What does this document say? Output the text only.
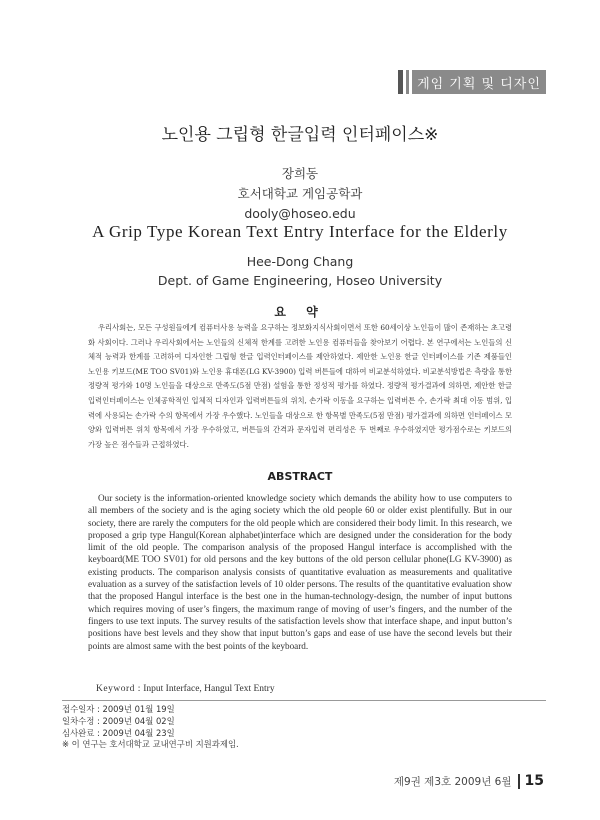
게임 기획 및 디자인
노인용 그립형 한글입력 인터페이스※
장희동
호서대학교 게임공학과
dooly@hoseo.edu
A Grip Type Korean Text Entry Interface for the Elderly
Hee-Dong Chang
Dept. of Game Engineering, Hoseo University
요 약

우리사회는, 모든 구성원들에게 컴퓨터사용 능력을 요구하는 정보화지식사회이면서 또한 60세이상 노인들이 많이 존재하는 초고령화 사회이다. 그러나 우리사회에서는 노인들의 신체적 한계를 고려한 노인용 컴퓨터들을 찾아보기 어렵다. 본 연구에서는 노인들의 신체적 능력과 한계를 고려하여 디자인한 그립형 한글 입력인터페이스를 제안하였다. 제안한 노인용 한글 인터페이스를 기존 제품들인 노인용 키보드(ME TOO SV01)와 노인용 휴대폰(LG KV-3900) 입력 버튼들에 대하여 비교분석하였다. 비교분석방법은 측량을 통한 정량적 평가와 10명 노인들을 대상으로 만족도(5점 만점) 설험을 통한 정성적 평가를 하였다. 정량적 평가결과에 의하면, 제안한 한글 입력인터페이스는 인체공학적인 입체적 디자인과 입력버튼들의 위치, 손가락 이동을 요구하는 입력버튼 수, 손가락 최대 이동 범위, 입력에 사용되는 손가락 수의 항목에서 가장 우수했다. 노인들을 대상으로 한 항목별 만족도(5점 만점) 평가결과에 의하면 인터페이스 모양와 입력버튼 위치 항목에서 가장 우수하였고, 버튼들의 간격과 문자입력 편리성은 두 번째로 우수하였지만 평가점수로는 키보드의 가장 높은 점수들과 근접하였다.

ABSTRACT

Our society is the information-oriented knowledge society which demands the ability how to use computers to all members of the society and is the aging society which the old people 60 or older exist plentifully. But in our society, there are rarely the computers for the old people which are considered their body limit. In this research, we proposed a grip type Hangul(Korean alphabet)interface which are designed under the consideration for the body limit of the old people. The comparison analysis of the proposed Hangul interface is accomplished with the keyboard(ME TOO SV01) for old persons and the key buttons of the old person cellular phone(LG KV-3900) as existing products. The comparison analysis consists of quantitative evaluation as measurements and qualitative evaluation as a survey of the satisfaction levels of 10 older persons. The results of the quantitative evaluation show that the proposed Hangul interface is the best one in the human-technology-design, the number of input buttons which requires moving of user’s fingers, the maximum range of moving of user’s fingers, and the number of the fingers to use text inputs. The survey results of the satisfaction levels show that interface shape, and input button’s positions have best levels and they show that input button’s gaps and ease of use have the second levels but their points are almost same with the best points of the keyboard.

Keyword : Input Interface, Hangul Text Entry
접수일자 : 2009년 01월 19일
일차수정 : 2009년 04월 02일
심사완료 : 2009년 04월 23일
※ 이 연구는 호서대학교 교내연구비 지원과제임.
제9권 제3호 2009년 6월 15
